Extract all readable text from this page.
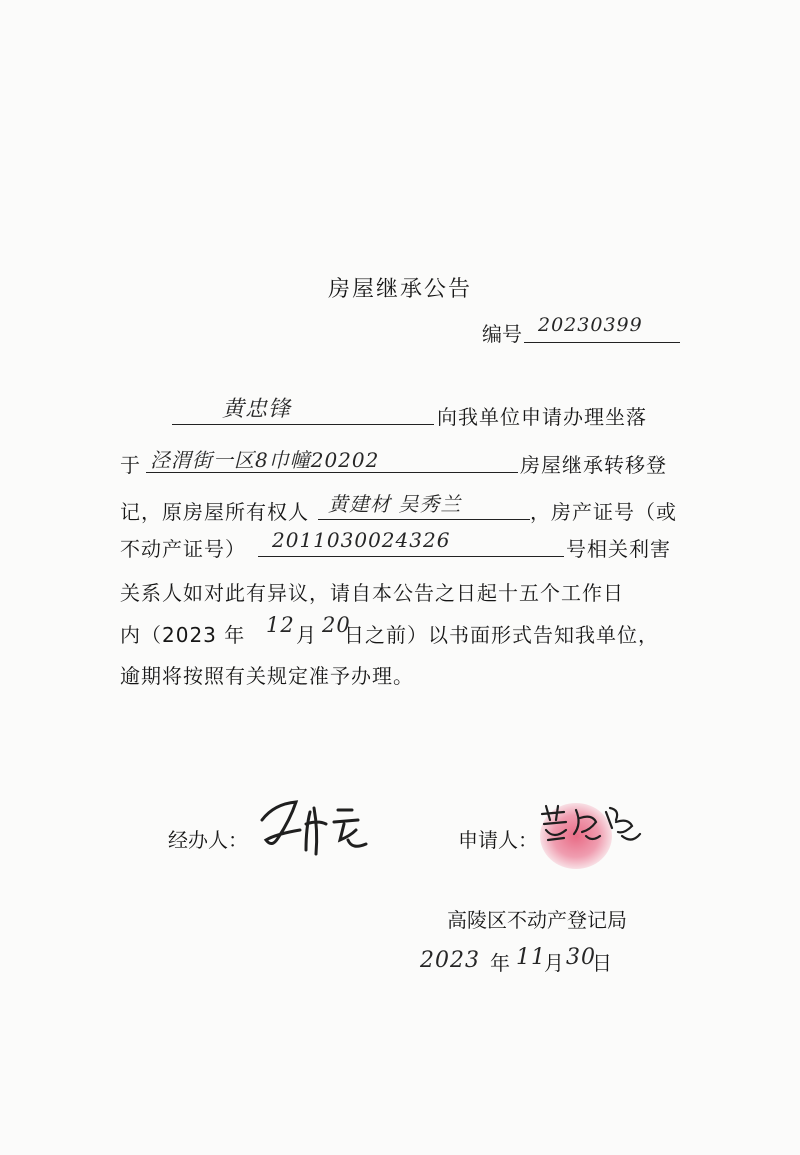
房屋继承公告
编号 20230399
黄忠锋	向我单位申请办理坐落
于 泾渭街一区8巾幢20202	房屋继承转移登
记，原房屋所有权人 黄建材 吴秀兰	，房产证号（或
不动产证号） 2011030024326	号相关利害
关系人如对此有异议，请自本公告之日起十五个工作日
内（2023 年 12 月 20
日之前）以书面形式告知我单位，
逾期将按照有关规定准予办理。
经办人：	申请人：
高陵区不动产登记局
2023 年 11
月 30
日
